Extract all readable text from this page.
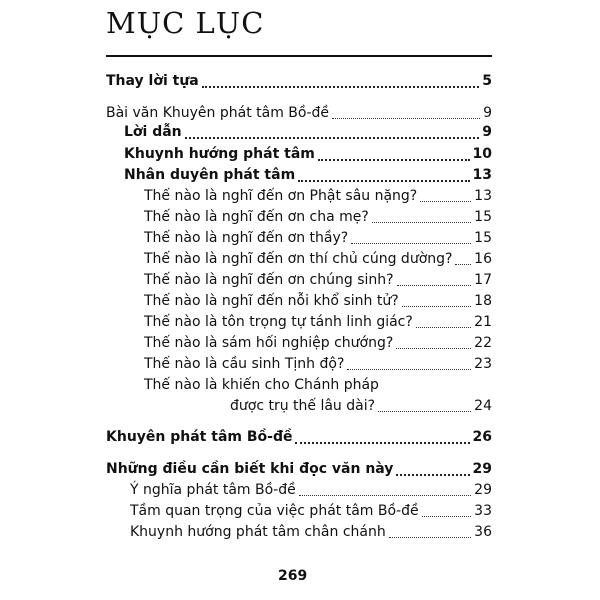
MỤC LỤC
Thay lời tựa	5
Bài văn Khuyên phát tâm Bồ-đề	9
Lời dẫn	9
Khuynh hướng phát tâm	10
Nhân duyên phát tâm	13
Thế nào là nghĩ đến ơn Phật sâu nặng?	13
Thế nào là nghĩ đến ơn cha mẹ?	15
Thế nào là nghĩ đến ơn thầy?	15
Thế nào là nghĩ đến ơn thí chủ cúng dường? 16
Thế nào là nghĩ đến ơn chúng sinh?	17
Thế nào là nghĩ đến nỗi khổ sinh tử?	18
Thế nào là tôn trọng tự tánh linh giác?	21
Thế nào là sám hối nghiệp chướng?	22
Thế nào là cầu sinh Tịnh độ?	23
Thế nào là khiến cho Chánh pháp
được trụ thế lâu dài?	24
Khuyên phát tâm Bồ-đề	26
Những điều cần biết khi đọc văn này	29
Ý nghĩa phát tâm Bồ-đề	29
Tầm quan trọng của việc phát tâm Bồ-đề	33
Khuynh hướng phát tâm chân chánh	36
269
